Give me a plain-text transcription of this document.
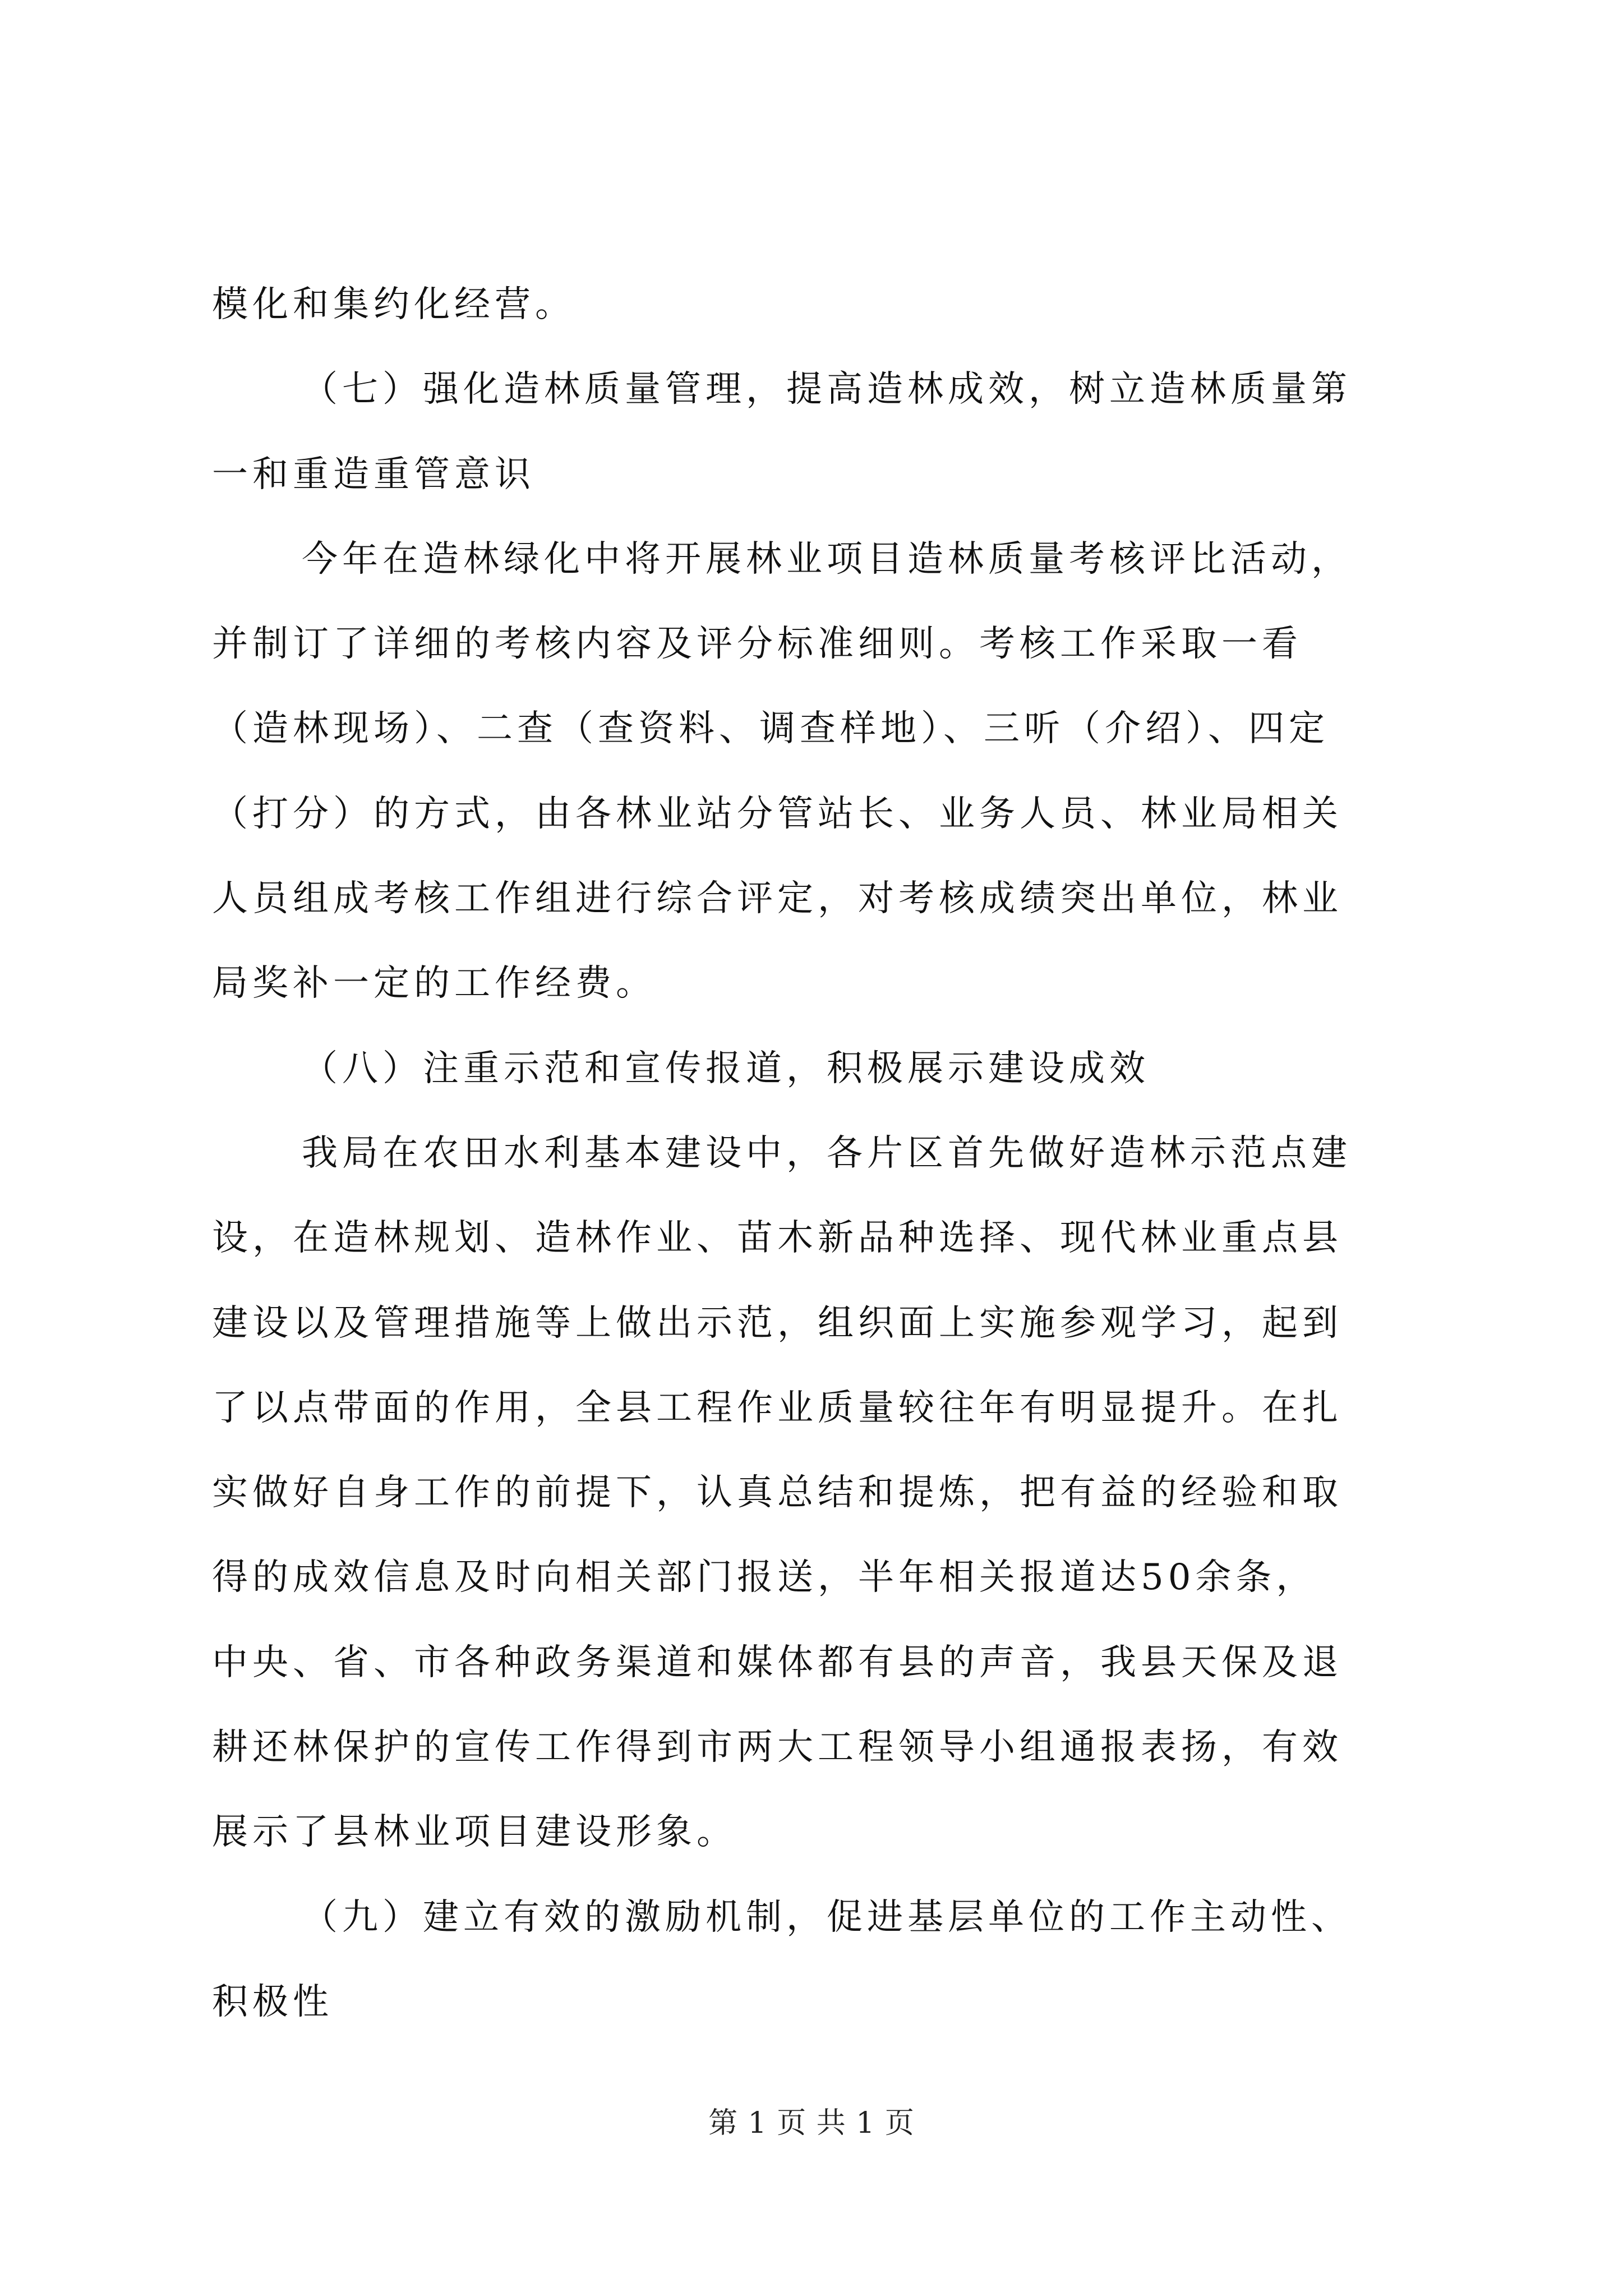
模化和集约化经营。
（七）强化造林质量管理，提高造林成效，树立造林质量第
一和重造重管意识
今年在造林绿化中将开展林业项目造林质量考核评比活动，
并制订了详细的考核内容及评分标准细则。考核工作采取一看
（造林现场）、二查（查资料、调查样地）、三听（介绍）、四定
（打分）的方式，由各林业站分管站长、业务人员、林业局相关
人员组成考核工作组进行综合评定，对考核成绩突出单位，林业
局奖补一定的工作经费。
（八）注重示范和宣传报道，积极展示建设成效
我局在农田水利基本建设中，各片区首先做好造林示范点建
设，在造林规划、造林作业、苗木新品种选择、现代林业重点县
建设以及管理措施等上做出示范，组织面上实施参观学习，起到
了以点带面的作用，全县工程作业质量较往年有明显提升。在扎
实做好自身工作的前提下，认真总结和提炼，把有益的经验和取
得的成效信息及时向相关部门报送，半年相关报道达50余条，
中央、省、市各种政务渠道和媒体都有县的声音，我县天保及退
耕还林保护的宣传工作得到市两大工程领导小组通报表扬，有效
展示了县林业项目建设形象。
（九）建立有效的激励机制，促进基层单位的工作主动性、
积极性
第 1 页 共 1 页
